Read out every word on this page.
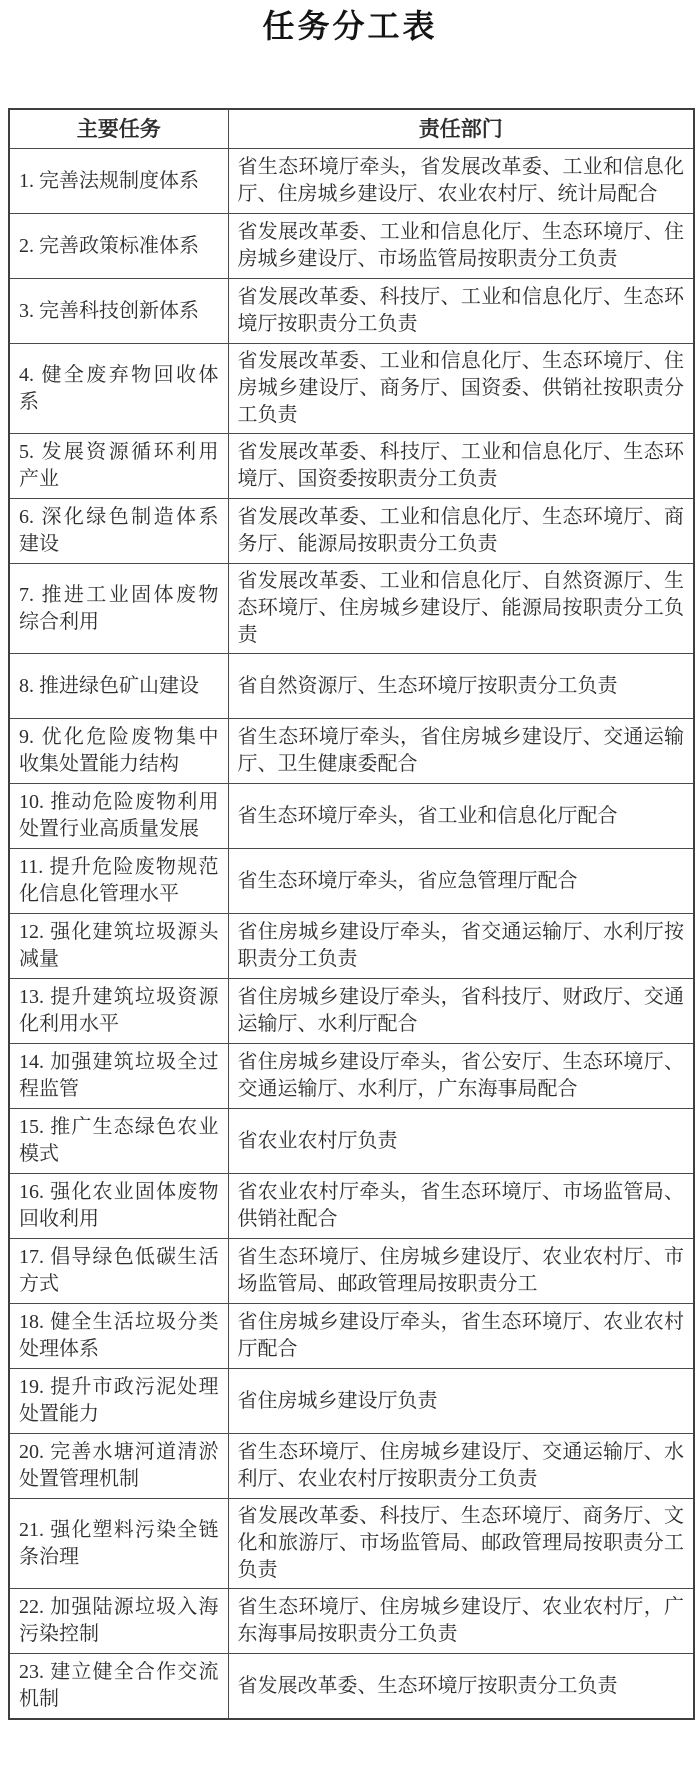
任务分工表
主要任务	责任部门
1. 完善法规制度体系	省生态环境厅牵头，省发展改革委、工业和信息化厅、住房城乡建设厅、农业农村厅、统计局配合
2. 完善政策标准体系	省发展改革委、工业和信息化厅、生态环境厅、住房城乡建设厅、市场监管局按职责分工负责
3. 完善科技创新体系	省发展改革委、科技厅、工业和信息化厅、生态环境厅按职责分工负责
4. 健全废弃物回收体系	省发展改革委、工业和信息化厅、生态环境厅、住房城乡建设厅、商务厅、国资委、供销社按职责分工负责
5. 发展资源循环利用产业	省发展改革委、科技厅、工业和信息化厅、生态环境厅、国资委按职责分工负责
6. 深化绿色制造体系建设	省发展改革委、工业和信息化厅、生态环境厅、商务厅、能源局按职责分工负责
7. 推进工业固体废物综合利用	省发展改革委、工业和信息化厅、自然资源厅、生态环境厅、住房城乡建设厅、能源局按职责分工负责
8. 推进绿色矿山建设	省自然资源厅、生态环境厅按职责分工负责
9. 优化危险废物集中收集处置能力结构	省生态环境厅牵头，省住房城乡建设厅、交通运输厅、卫生健康委配合
10. 推动危险废物利用处置行业高质量发展	省生态环境厅牵头，省工业和信息化厅配合
11. 提升危险废物规范化信息化管理水平	省生态环境厅牵头，省应急管理厅配合
12. 强化建筑垃圾源头减量	省住房城乡建设厅牵头，省交通运输厅、水利厅按职责分工负责
13. 提升建筑垃圾资源化利用水平	省住房城乡建设厅牵头，省科技厅、财政厅、交通运输厅、水利厅配合
14. 加强建筑垃圾全过程监管	省住房城乡建设厅牵头，省公安厅、生态环境厅、交通运输厅、水利厅，广东海事局配合
15. 推广生态绿色农业模式	省农业农村厅负责
16. 强化农业固体废物回收利用	省农业农村厅牵头，省生态环境厅、市场监管局、供销社配合
17. 倡导绿色低碳生活方式	省生态环境厅、住房城乡建设厅、农业农村厅、市场监管局、邮政管理局按职责分工
18. 健全生活垃圾分类处理体系	省住房城乡建设厅牵头，省生态环境厅、农业农村厅配合
19. 提升市政污泥处理处置能力	省住房城乡建设厅负责
20. 完善水塘河道清淤处置管理机制	省生态环境厅、住房城乡建设厅、交通运输厅、水利厅、农业农村厅按职责分工负责
21. 强化塑料污染全链条治理	省发展改革委、科技厅、生态环境厅、商务厅、文化和旅游厅、市场监管局、邮政管理局按职责分工负责
22. 加强陆源垃圾入海污染控制	省生态环境厅、住房城乡建设厅、农业农村厅，广东海事局按职责分工负责
23. 建立健全合作交流机制	省发展改革委、生态环境厅按职责分工负责
